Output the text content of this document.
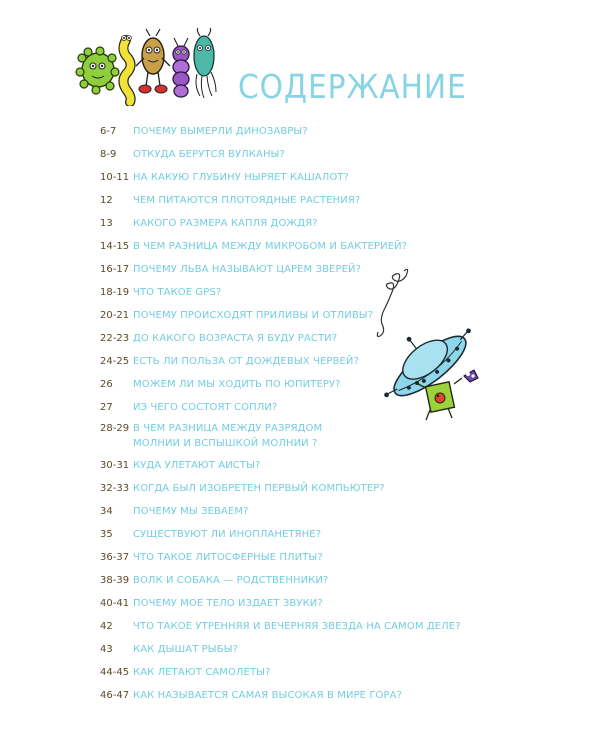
СОДЕРЖАНИЕ
6-7 ПОЧЕМУ ВЫМЕРЛИ ДИНОЗАВРЫ?
8-9 ОТКУДА БЕРУТСЯ ВУЛКАНЫ?
10-11 НА КАКУЮ ГЛУБИНУ НЫРЯЕТ КАШАЛОТ?
12 ЧЕМ ПИТАЮТСЯ ПЛОТОЯДНЫЕ РАСТЕНИЯ?
13 КАКОГО РАЗМЕРА КАПЛЯ ДОЖДЯ?
14-15 В ЧЕМ РАЗНИЦА МЕЖДУ МИКРОБОМ И БАКТЕРИЕЙ?
16-17 ПОЧЕМУ ЛЬВА НАЗЫВАЮТ ЦАРЕМ ЗВЕРЕЙ?
18-19 ЧТО ТАКОЕ GPS?
20-21 ПОЧЕМУ ПРОИСХОДЯТ ПРИЛИВЫ И ОТЛИВЫ?
22-23 ДО КАКОГО ВОЗРАСТА Я БУДУ РАСТИ?
24-25 ЕСТЬ ЛИ ПОЛЬЗА ОТ ДОЖДЕВЫХ ЧЕРВЕЙ?
26 МОЖЕМ ЛИ МЫ ХОДИТЬ ПО ЮПИТЕРУ?
27 ИЗ ЧЕГО СОСТОЯТ СОПЛИ?
28-29 В ЧЕМ РАЗНИЦА МЕЖДУ РАЗРЯДОМ
МОЛНИИ И ВСПЫШКОЙ МОЛНИИ ?
30-31 КУДА УЛЕТАЮТ АИСТЫ?
32-33 КОГДА БЫЛ ИЗОБРЕТЕН ПЕРВЫЙ КОМПЬЮТЕР?
34 ПОЧЕМУ МЫ ЗЕВАЕМ?
35 СУЩЕСТВУЮТ ЛИ ИНОПЛАНЕТЯНЕ?
36-37 ЧТО ТАКОЕ ЛИТОСФЕРНЫЕ ПЛИТЫ?
38-39 ВОЛК И СОБАКА — РОДСТВЕННИКИ?
40-41 ПОЧЕМУ МОЕ ТЕЛО ИЗДАЕТ ЗВУКИ?
42 ЧТО ТАКОЕ УТРЕННЯЯ И ВЕЧЕРНЯЯ ЗВЕЗДА НА САМОМ ДЕЛЕ?
43 КАК ДЫШАТ РЫБЫ?
44-45 КАК ЛЕТАЮТ САМОЛЕТЫ?
46-47 КАК НАЗЫВАЕТСЯ САМАЯ ВЫСОКАЯ В МИРЕ ГОРА?
